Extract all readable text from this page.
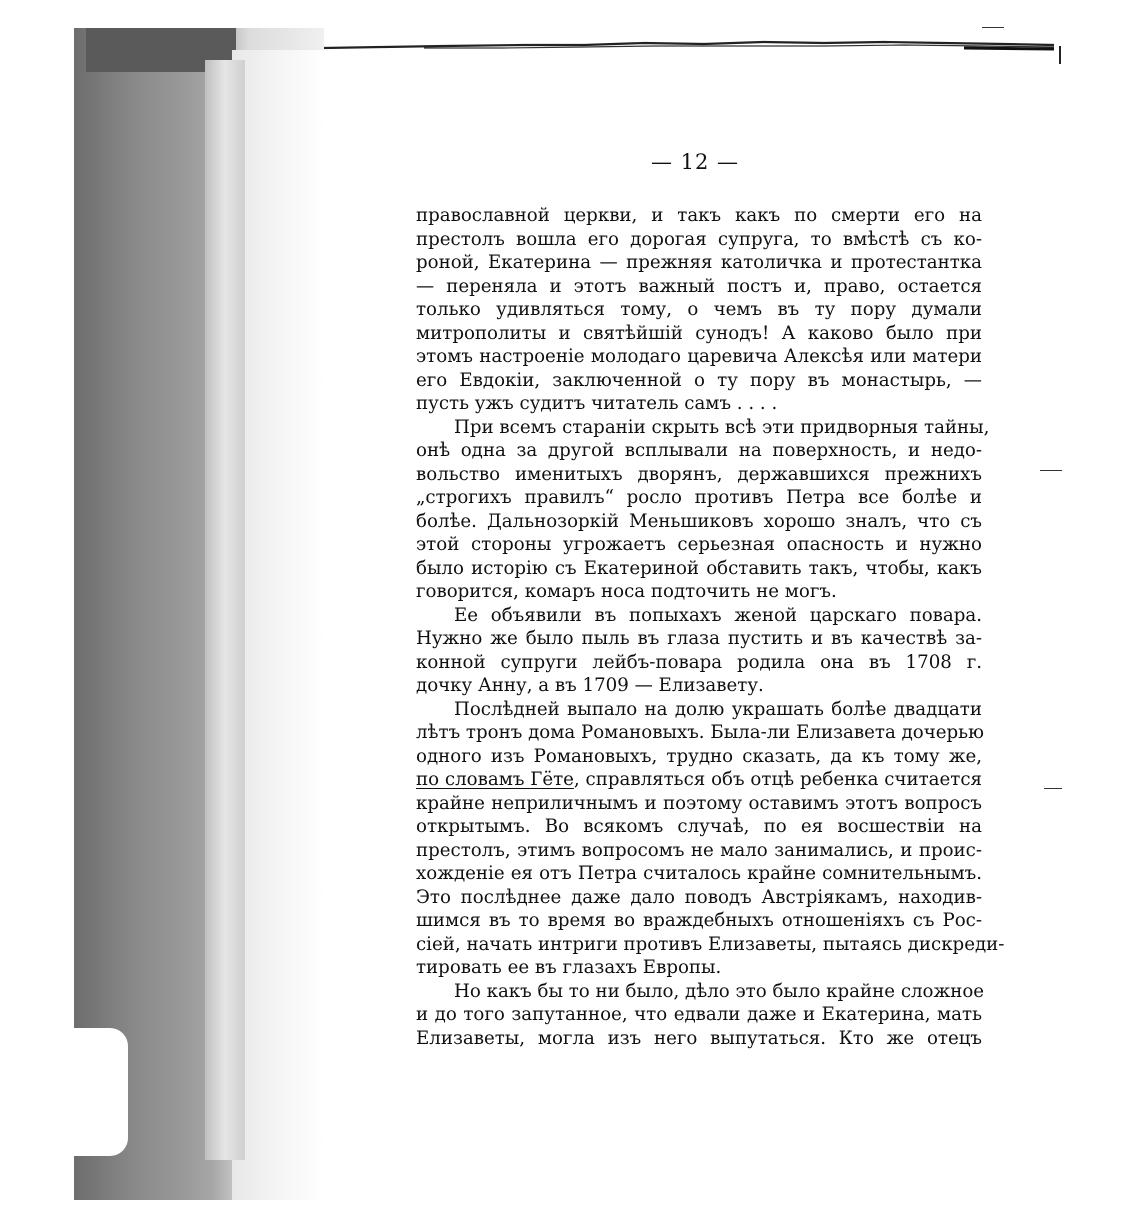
— 12 —
православной церкви, и такъ какъ по смерти его на
престолъ вошла его дорогая супруга, то вмѣстѣ съ ко-
роной, Екатерина — прежняя католичка и протестантка
— переняла и этотъ важный постъ и, право, остается
только удивляться тому, о чемъ въ ту пору думали
митрополиты и святѣйшій сунодъ! А каково было при
этомъ настроеніе молодаго царевича Алексѣя или матери
его Евдокіи, заключенной о ту пору въ монастырь, —
пусть ужъ судитъ читатель самъ . . . .
При всемъ стараніи скрыть всѣ эти придворныя тайны,
онѣ одна за другой всплывали на поверхность, и недо-
вольство именитыхъ дворянъ, державшихся прежнихъ
„строгихъ правилъ“ росло противъ Петра все болѣе и
болѣе. Дальнозоркій Меньшиковъ хорошо зналъ, что съ
этой стороны угрожаетъ серьезная опасность и нужно
было исторію съ Екатериной обставить такъ, чтобы, какъ
говорится, комаръ носа подточить не могъ.
Ее объявили въ попыхахъ женой царскаго повара.
Нужно же было пыль въ глаза пустить и въ качествѣ за-
конной супруги лейбъ-повара родила она въ 1708 г.
дочку Анну, а въ 1709 — Елизавету.
Послѣдней выпало на долю украшать болѣе двадцати
лѣтъ тронъ дома Романовыхъ. Была-ли Елизавета дочерью
одного изъ Романовыхъ, трудно сказать, да къ тому же,
по словамъ Гёте, справляться объ отцѣ ребенка считается
крайне неприличнымъ и поэтому оставимъ этотъ вопросъ
открытымъ. Во всякомъ случаѣ, по ея восшествіи на
престолъ, этимъ вопросомъ не мало занимались, и проис-
хожденіе ея отъ Петра считалось крайне сомнительнымъ.
Это послѣднее даже дало поводъ Австріякамъ, находив-
шимся въ то время во враждебныхъ отношеніяхъ съ Рос-
сіей, начать интриги противъ Елизаветы, пытаясь дискреди-
тировать ее въ глазахъ Европы.
Но какъ бы то ни было, дѣло это было крайне сложное
и до того запутанное, что едвали даже и Екатерина, мать
Елизаветы, могла изъ него выпутаться. Кто же отецъ
